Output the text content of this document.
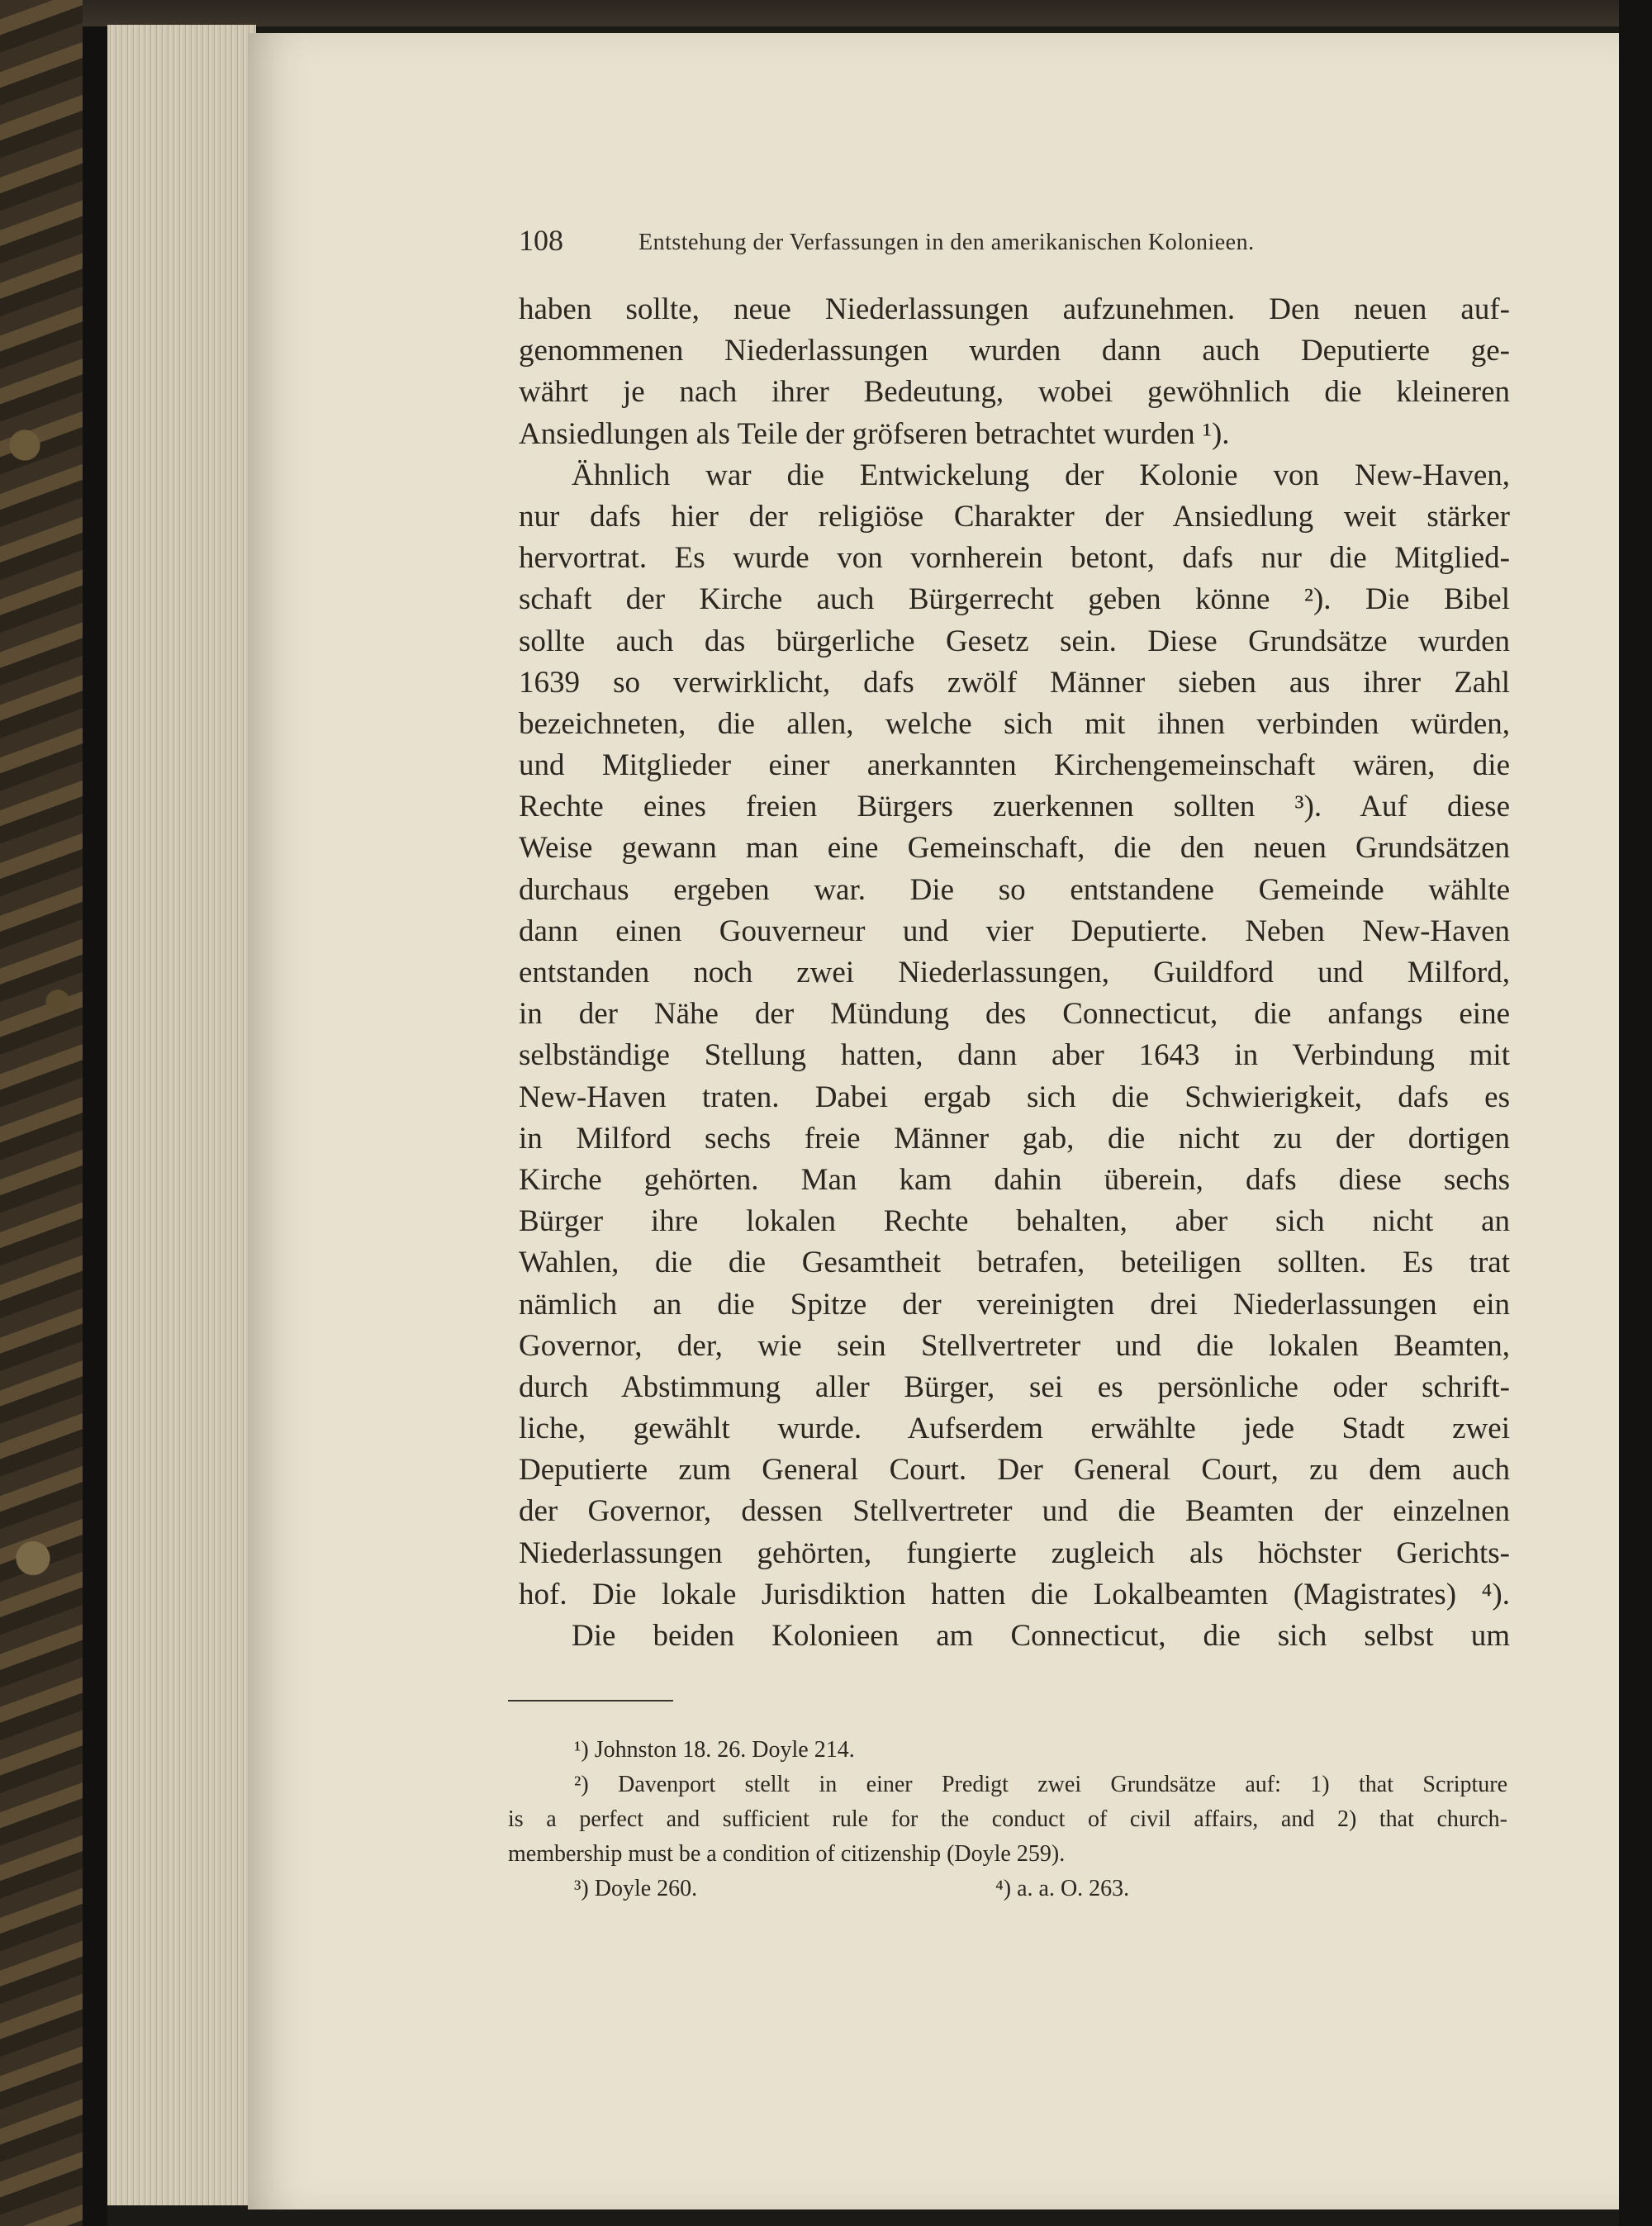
108	Entstehung der Verfassungen in den amerikanischen Kolonieen.
haben sollte, neue Niederlassungen aufzunehmen. Den neuen auf-
genommenen Niederlassungen wurden dann auch Deputierte ge-
währt je nach ihrer Bedeutung, wobei gewöhnlich die kleineren
Ansiedlungen als Teile der gröfseren betrachtet wurden ¹).
Ähnlich war die Entwickelung der Kolonie von New-Haven,
nur dafs hier der religiöse Charakter der Ansiedlung weit stärker
hervortrat. Es wurde von vornherein betont, dafs nur die Mitglied-
schaft der Kirche auch Bürgerrecht geben könne ²). Die Bibel
sollte auch das bürgerliche Gesetz sein. Diese Grundsätze wurden
1639 so verwirklicht, dafs zwölf Männer sieben aus ihrer Zahl
bezeichneten, die allen, welche sich mit ihnen verbinden würden,
und Mitglieder einer anerkannten Kirchengemeinschaft wären, die
Rechte eines freien Bürgers zuerkennen sollten ³). Auf diese
Weise gewann man eine Gemeinschaft, die den neuen Grundsätzen
durchaus ergeben war. Die so entstandene Gemeinde wählte
dann einen Gouverneur und vier Deputierte. Neben New-Haven
entstanden noch zwei Niederlassungen, Guildford und Milford,
in der Nähe der Mündung des Connecticut, die anfangs eine
selbständige Stellung hatten, dann aber 1643 in Verbindung mit
New-Haven traten. Dabei ergab sich die Schwierigkeit, dafs es
in Milford sechs freie Männer gab, die nicht zu der dortigen
Kirche gehörten. Man kam dahin überein, dafs diese sechs
Bürger ihre lokalen Rechte behalten, aber sich nicht an
Wahlen, die die Gesamtheit betrafen, beteiligen sollten. Es trat
nämlich an die Spitze der vereinigten drei Niederlassungen ein
Governor, der, wie sein Stellvertreter und die lokalen Beamten,
durch Abstimmung aller Bürger, sei es persönliche oder schrift-
liche, gewählt wurde. Aufserdem erwählte jede Stadt zwei
Deputierte zum General Court. Der General Court, zu dem auch
der Governor, dessen Stellvertreter und die Beamten der einzelnen
Niederlassungen gehörten, fungierte zugleich als höchster Gerichts-
hof. Die lokale Jurisdiktion hatten die Lokalbeamten (Magistrates) ⁴).
Die beiden Kolonieen am Connecticut, die sich selbst um
¹) Johnston 18. 26. Doyle 214.
²) Davenport stellt in einer Predigt zwei Grundsätze auf: 1) that Scripture
is a perfect and sufficient rule for the conduct of civil affairs, and 2) that church-
membership must be a condition of citizenship (Doyle 259).
³) Doyle 260.	⁴) a. a. O. 263.
